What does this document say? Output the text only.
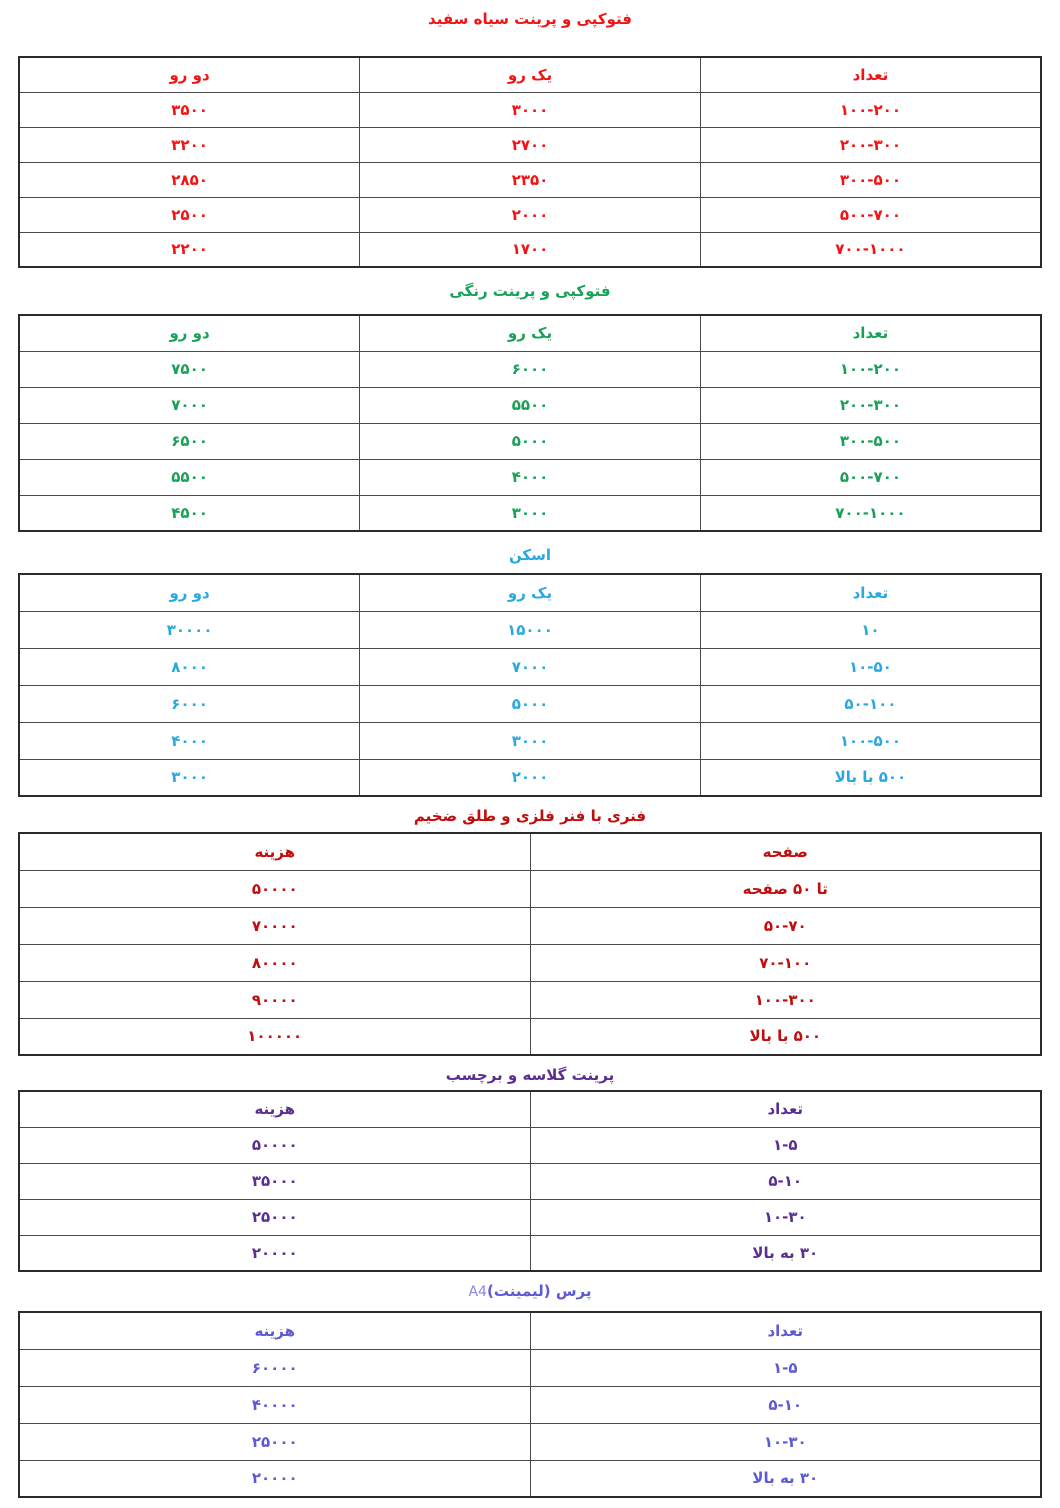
فتوکپی و پرینت سیاه سفید
تعداد	یک رو	دو رو
۱۰۰-۲۰۰	۳۰۰۰	۳۵۰۰
۲۰۰-۳۰۰	۲۷۰۰	۳۲۰۰
۳۰۰-۵۰۰	۲۳۵۰	۲۸۵۰
۵۰۰-۷۰۰	۲۰۰۰	۲۵۰۰
۷۰۰-۱۰۰۰	۱۷۰۰	۲۲۰۰
فتوکپی و پرینت رنگی
تعداد	یک رو	دو رو
۱۰۰-۲۰۰	۶۰۰۰	۷۵۰۰
۲۰۰-۳۰۰	۵۵۰۰	۷۰۰۰
۳۰۰-۵۰۰	۵۰۰۰	۶۵۰۰
۵۰۰-۷۰۰	۴۰۰۰	۵۵۰۰
۷۰۰-۱۰۰۰	۳۰۰۰	۴۵۰۰
اسکن
تعداد	یک رو	دو رو
۱۰	۱۵۰۰۰	۳۰۰۰۰
۱۰-۵۰	۷۰۰۰	۸۰۰۰
۵۰-۱۰۰	۵۰۰۰	۶۰۰۰
۱۰۰-۵۰۰	۳۰۰۰	۴۰۰۰
۵۰۰ با بالا	۲۰۰۰	۳۰۰۰
فنری با فنر فلزی و طلق ضخیم
صفحه	هزینه
تا ۵۰ صفحه	۵۰۰۰۰
۵۰-۷۰	۷۰۰۰۰
۷۰-۱۰۰	۸۰۰۰۰
۱۰۰-۳۰۰	۹۰۰۰۰
۵۰۰ با بالا	۱۰۰۰۰۰
پرینت گلاسه و برچسب
تعداد	هزینه
۱-۵	۵۰۰۰۰
۵-۱۰	۳۵۰۰۰
۱۰-۳۰	۲۵۰۰۰
۳۰ به بالا	۲۰۰۰۰
پرس (لیمینت)A4
تعداد	هزینه
۱-۵	۶۰۰۰۰
۵-۱۰	۴۰۰۰۰
۱۰-۳۰	۲۵۰۰۰
۳۰ به بالا	۲۰۰۰۰
